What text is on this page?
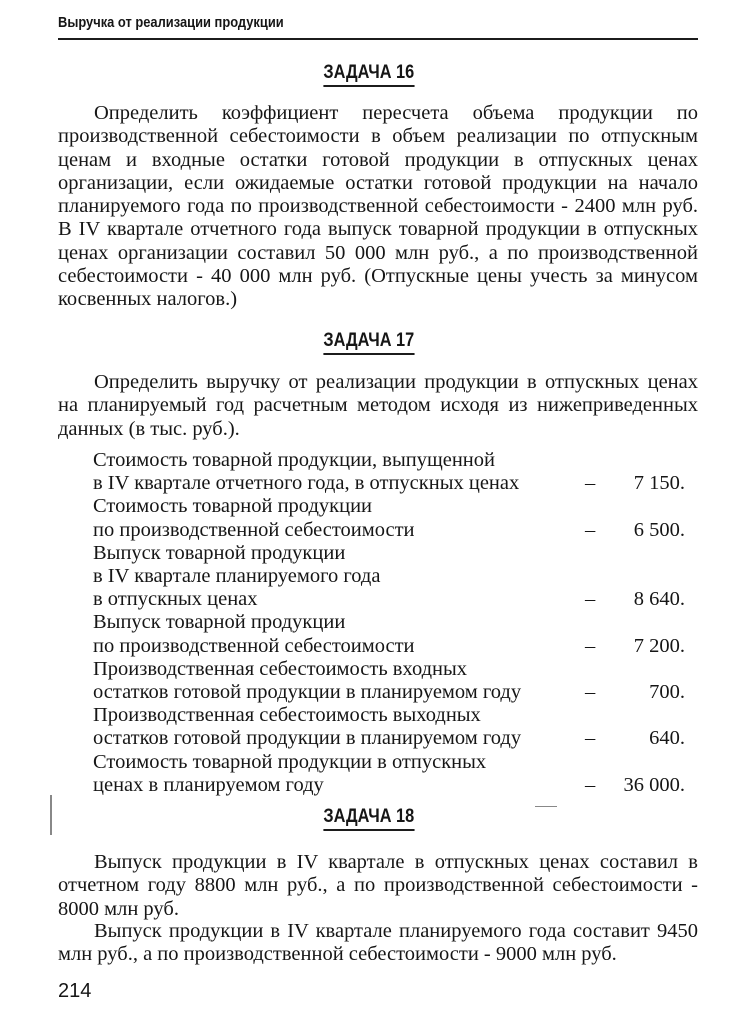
Выручка от реализации продукции
ЗАДАЧА 16

Определить коэффициент пересчета объема продукции по производственной себестоимости в объем реализации по отпускным ценам и входные остатки готовой продукции в отпускных ценах организации, если ожидаемые остатки готовой продукции на начало планируемого года по производственной себестоимости - 2400 млн руб. В IV квартале отчетного года выпуск товарной продукции в отпускных ценах организации составил 50 000 млн руб., а по производственной себестоимости - 40 000 млн руб. (Отпускные цены учесть за минусом косвенных налогов.)

ЗАДАЧА 17

Определить выручку от реализации продукции в отпускных ценах на планируемый год расчетным методом исходя из нижеприведенных данных (в тыс. руб.).

Стоимость товарной продукции, выпущенной
в IV квартале отчетного года, в отпускных ценах	– 7 150.
Стоимость товарной продукции
по производственной себестоимости	– 6 500.
Выпуск товарной продукции
в IV квартале планируемого года
в отпускных ценах	– 8 640.
Выпуск товарной продукции
по производственной себестоимости	– 7 200.
Производственная себестоимость входных
остатков готовой продукции в планируемом году	–	700.
Производственная себестоимость выходных
остатков готовой продукции в планируемом году	–	640.
Стоимость товарной продукции в отпускных
ценах в планируемом году	– 36 000.
ЗАДАЧА 18

Выпуск продукции в IV квартале в отпускных ценах составил в отчетном году 8800 млн руб., а по производственной себестоимости - 8000 млн руб.

Выпуск продукции в IV квартале планируемого года составит 9450 млн руб., а по производственной себестоимости - 9000 млн руб.

214
